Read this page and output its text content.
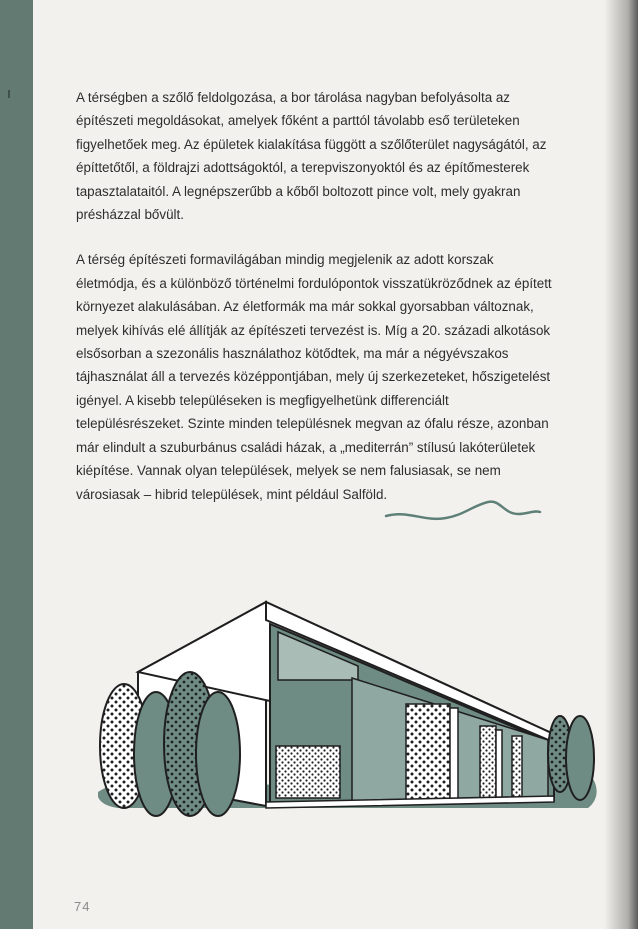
A térségben a szőlő feldolgozása, a bor tárolása nagyban befolyásolta az építészeti megoldásokat, amelyek főként a parttól távolabb eső területeken figyelhetőek meg. Az épületek kialakítása függött a szőlőterület nagyságától, az építtetőtől, a földrajzi adottságoktól, a terepviszonyoktól és az építőmesterek tapasztalataitól. A legnépszerűbb a kőből boltozott pince volt, mely gyakran présházzal bővült.

A térség építészeti formavilágában mindig megjelenik az adott korszak életmódja, és a különböző történelmi fordulópontok visszatükröződnek az épített környezet alakulásában. Az életformák ma már sokkal gyorsabban változnak, melyek kihívás elé állítják az építészeti tervezést is. Míg a 20. századi alkotások elsősorban a szezonális használathoz kötődtek, ma már a négyévszakos tájhasználat áll a tervezés középpontjában, mely új szerkezeteket, hőszigetelést igényel. A kisebb településeken is megfigyelhetünk differenciált településrészeket. Szinte minden településnek megvan az ófalu része, azonban már elindult a szuburbánus családi házak, a „mediterrán” stílusú lakóterületek kiépítése. Vannak olyan települések, melyek se nem falusiasak, se nem városiasak – hibrid települések, mint például Salföld.

74
